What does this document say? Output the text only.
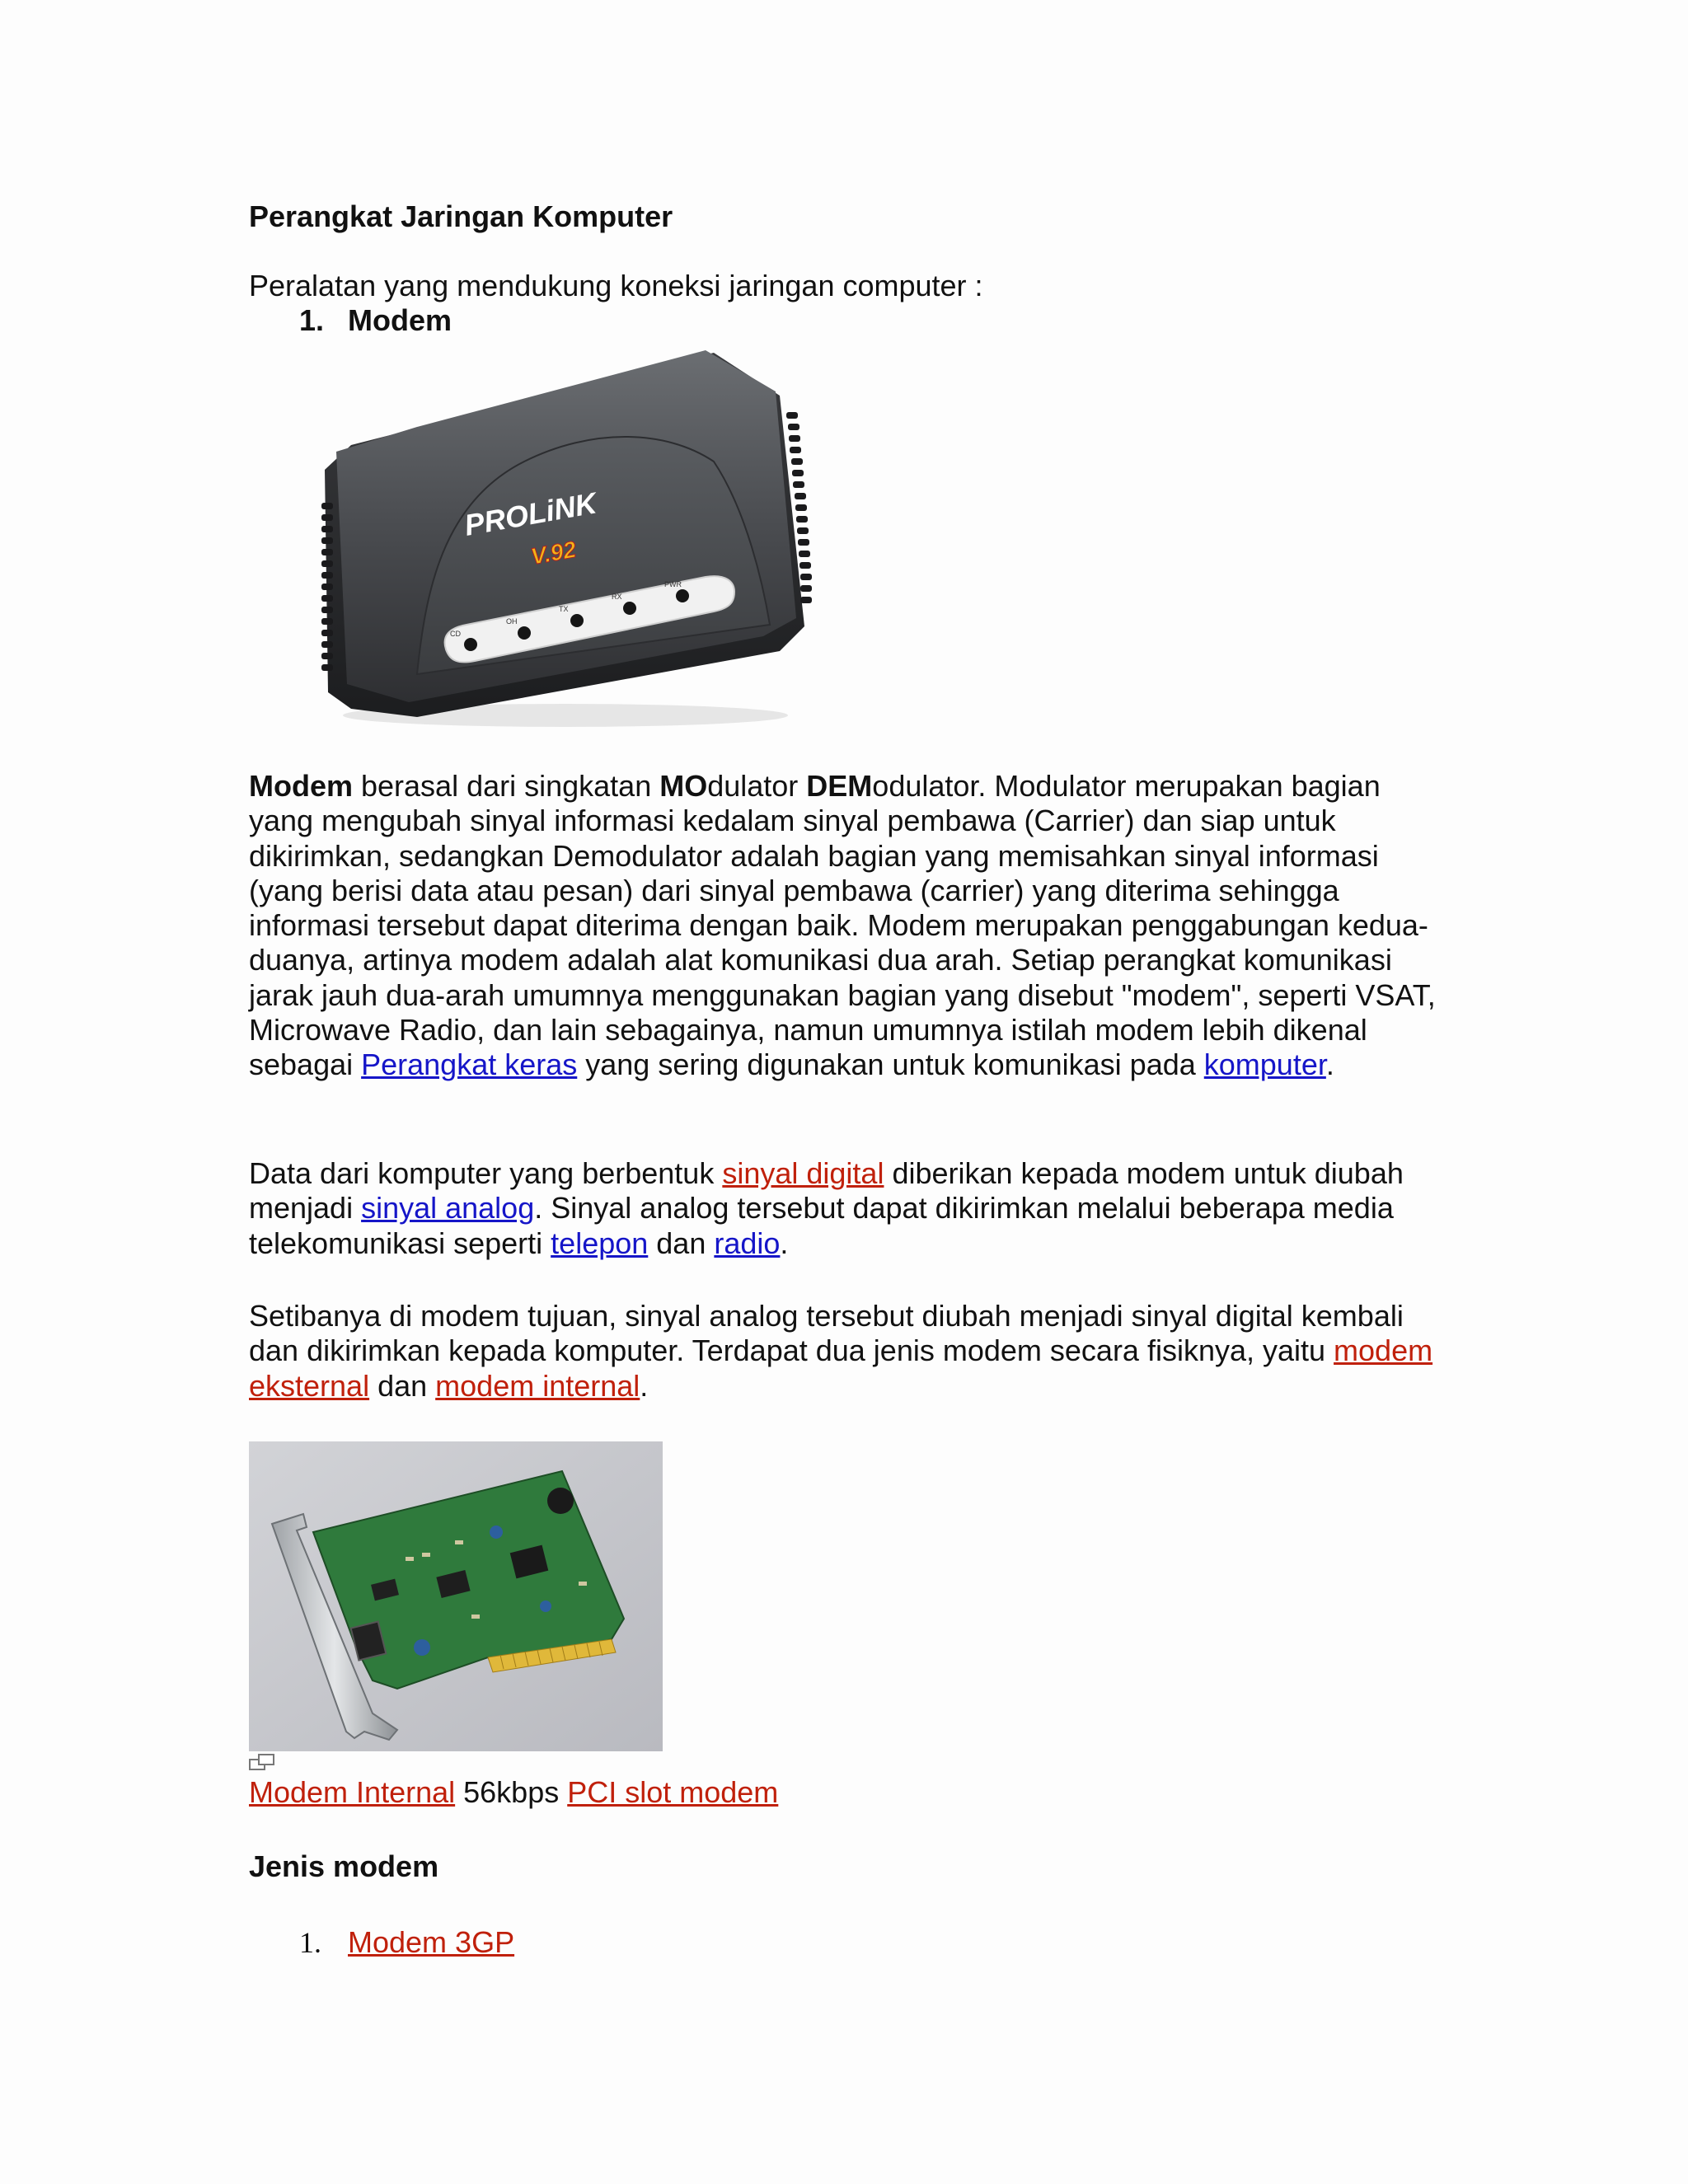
Perangkat Jaringan Komputer
Peralatan yang mendukung koneksi jaringan computer :
1. Modem
PROLiNK
V.92
CD
OH
TX
RX
PWR
Modem berasal dari singkatan MOdulator DEModulator. Modulator merupakan bagian yang mengubah sinyal informasi kedalam sinyal pembawa (Carrier) dan siap untuk dikirimkan, sedangkan Demodulator adalah bagian yang memisahkan sinyal informasi (yang berisi data atau pesan) dari sinyal pembawa (carrier) yang diterima sehingga informasi tersebut dapat diterima dengan baik. Modem merupakan penggabungan kedua-duanya, artinya modem adalah alat komunikasi dua arah. Setiap perangkat komunikasi jarak jauh dua-arah umumnya menggunakan bagian yang disebut "modem", seperti VSAT, Microwave Radio, dan lain sebagainya, namun umumnya istilah modem lebih dikenal sebagai Perangkat keras yang sering digunakan untuk komunikasi pada komputer.
Data dari komputer yang berbentuk sinyal digital diberikan kepada modem untuk diubah menjadi sinyal analog. Sinyal analog tersebut dapat dikirimkan melalui beberapa media telekomunikasi seperti telepon dan radio.
Setibanya di modem tujuan, sinyal analog tersebut diubah menjadi sinyal digital kembali dan dikirimkan kepada komputer. Terdapat dua jenis modem secara fisiknya, yaitu modem eksternal dan modem internal.
Modem Internal 56kbps PCI slot modem
Jenis modem
1. Modem 3GP
